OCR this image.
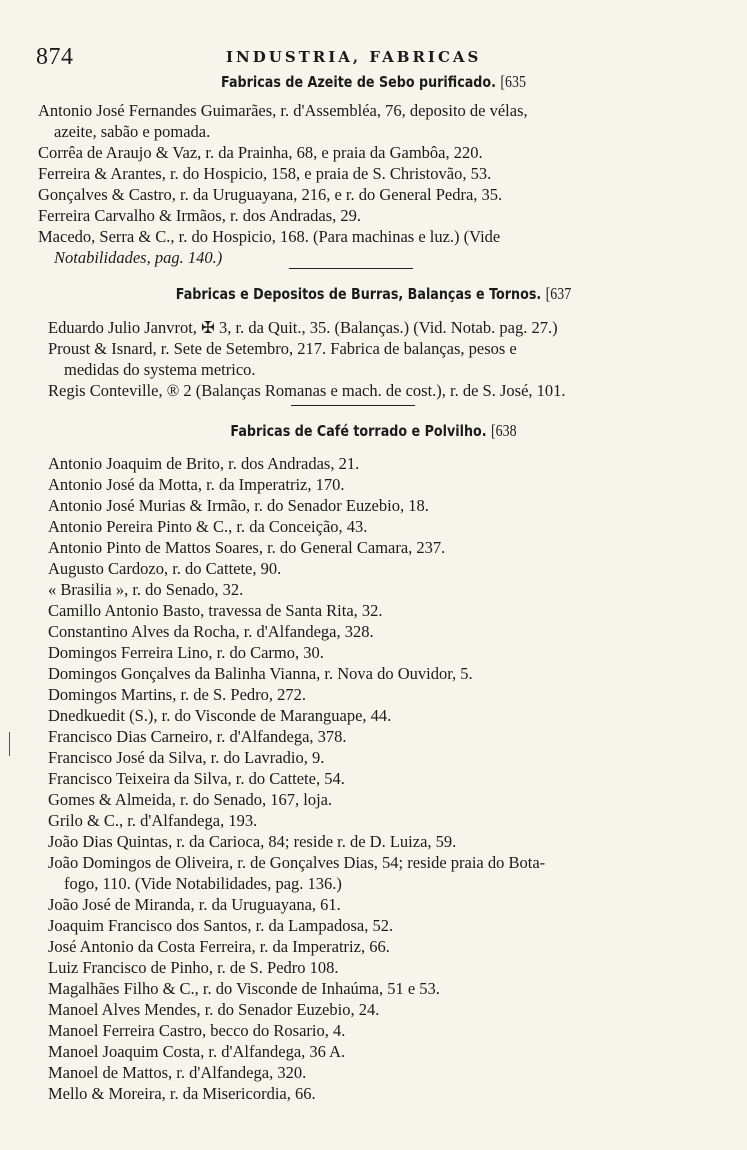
874	INDUSTRIA, FABRICAS
Fabricas de Azeite de Sebo purificado. [635
Antonio José Fernandes Guimarães, r. d'Assembléa, 76, deposito de vélas,
azeite, sabão e pomada.
Corrêa de Araujo & Vaz, r. da Prainha, 68, e praia da Gambôa, 220.
Ferreira & Arantes, r. do Hospicio, 158, e praia de S. Christovão, 53.
Gonçalves & Castro, r. da Uruguayana, 216, e r. do General Pedra, 35.
Ferreira Carvalho & Irmãos, r. dos Andradas, 29.
Macedo, Serra & C., r. do Hospicio, 168. (Para machinas e luz.) (Vide
Notabilidades, pag. 140.)
Fabricas e Depositos de Burras, Balanças e Tornos. [637
Eduardo Julio Janvrot, ✠ 3, r. da Quit., 35. (Balanças.) (Vid. Notab. pag. 27.)
Proust & Isnard, r. Sete de Setembro, 217. Fabrica de balanças, pesos e
medidas do systema metrico.
Regis Conteville, ® 2 (Balanças Romanas e mach. de cost.), r. de S. José, 101.
Fabricas de Café torrado e Polvilho. [638
Antonio Joaquim de Brito, r. dos Andradas, 21.
Antonio José da Motta, r. da Imperatriz, 170.
Antonio José Murias & Irmão, r. do Senador Euzebio, 18.
Antonio Pereira Pinto & C., r. da Conceição, 43.
Antonio Pinto de Mattos Soares, r. do General Camara, 237.
Augusto Cardozo, r. do Cattete, 90.
« Brasilia », r. do Senado, 32.
Camillo Antonio Basto, travessa de Santa Rita, 32.
Constantino Alves da Rocha, r. d'Alfandega, 328.
Domingos Ferreira Lino, r. do Carmo, 30.
Domingos Gonçalves da Balinha Vianna, r. Nova do Ouvidor, 5.
Domingos Martins, r. de S. Pedro, 272.
Dnedkuedit (S.), r. do Visconde de Maranguape, 44.
Francisco Dias Carneiro, r. d'Alfandega, 378.
Francisco José da Silva, r. do Lavradio, 9.
Francisco Teixeira da Silva, r. do Cattete, 54.
Gomes & Almeida, r. do Senado, 167, loja.
Grilo & C., r. d'Alfandega, 193.
João Dias Quintas, r. da Carioca, 84; reside r. de D. Luiza, 59.
João Domingos de Oliveira, r. de Gonçalves Dias, 54; reside praia do Bota-
fogo, 110. (Vide Notabilidades, pag. 136.)
João José de Miranda, r. da Uruguayana, 61.
Joaquim Francisco dos Santos, r. da Lampadosa, 52.
José Antonio da Costa Ferreira, r. da Imperatriz, 66.
Luiz Francisco de Pinho, r. de S. Pedro 108.
Magalhães Filho & C., r. do Visconde de Inhaúma, 51 e 53.
Manoel Alves Mendes, r. do Senador Euzebio, 24.
Manoel Ferreira Castro, becco do Rosario, 4.
Manoel Joaquim Costa, r. d'Alfandega, 36 A.
Manoel de Mattos, r. d'Alfandega, 320.
Mello & Moreira, r. da Misericordia, 66.
